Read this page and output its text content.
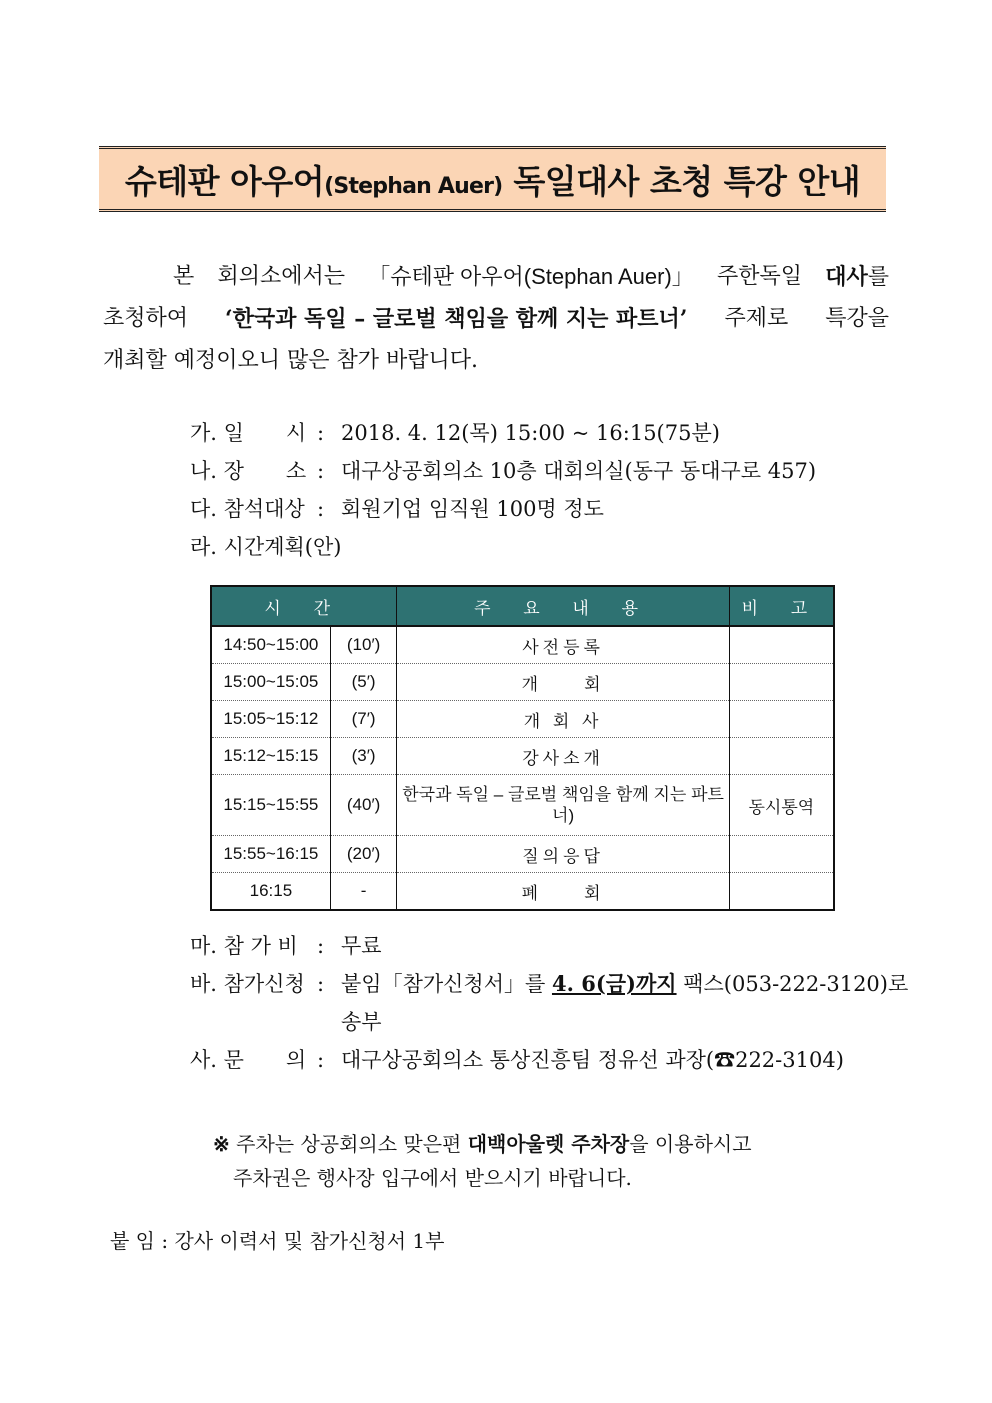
슈테판 아우어(Stephan Auer) 독일대사 초청 특강 안내
본 회의소에서는 「슈테판 아우어(Stephan Auer)」 주한독일 대사를
초청하여 ‘한국과 독일 – 글로벌 책임을 함께 지는 파트너’ 주제로 특강을
개최할 예정이오니 많은 참가 바랍니다.
가. 일　　시 : 2018. 4. 12(목) 15:00 ~ 16:15(75분)
나. 장　　소 : 대구상공회의소 10층 대회의실(동구 동대구로 457)
다. 참석대상 : 회원기업 임직원 100명 정도
라. 시간계획(안)
시 간		주 요 내 용	비 고
14:50~15:00	(10′)	사전등록	
15:00~15:05	(5′)	개　　회	
15:05~15:12	(7′)	개 회 사	
15:12~15:15	(3′)	강사소개	
15:15~15:55	(40′)	한국과 독일 – 글로벌 책임을 함께 지는 파트너)	동시통역
15:55~16:15	(20′)	질의응답	
16:15	-	폐　　회	
마. 참 가 비 : 무료
바. 참가신청 : 붙임「참가신청서」를 4. 6(금)까지 팩스(053-222-3120)로
송부
사. 문　　의 : 대구상공회의소 통상진흥팀 정유선 과장(☎222-3104)
※ 주차는 상공회의소 맞은편 대백아울렛 주차장을 이용하시고
주차권은 행사장 입구에서 받으시기 바랍니다.
붙 임 : 강사 이력서 및 참가신청서 1부
